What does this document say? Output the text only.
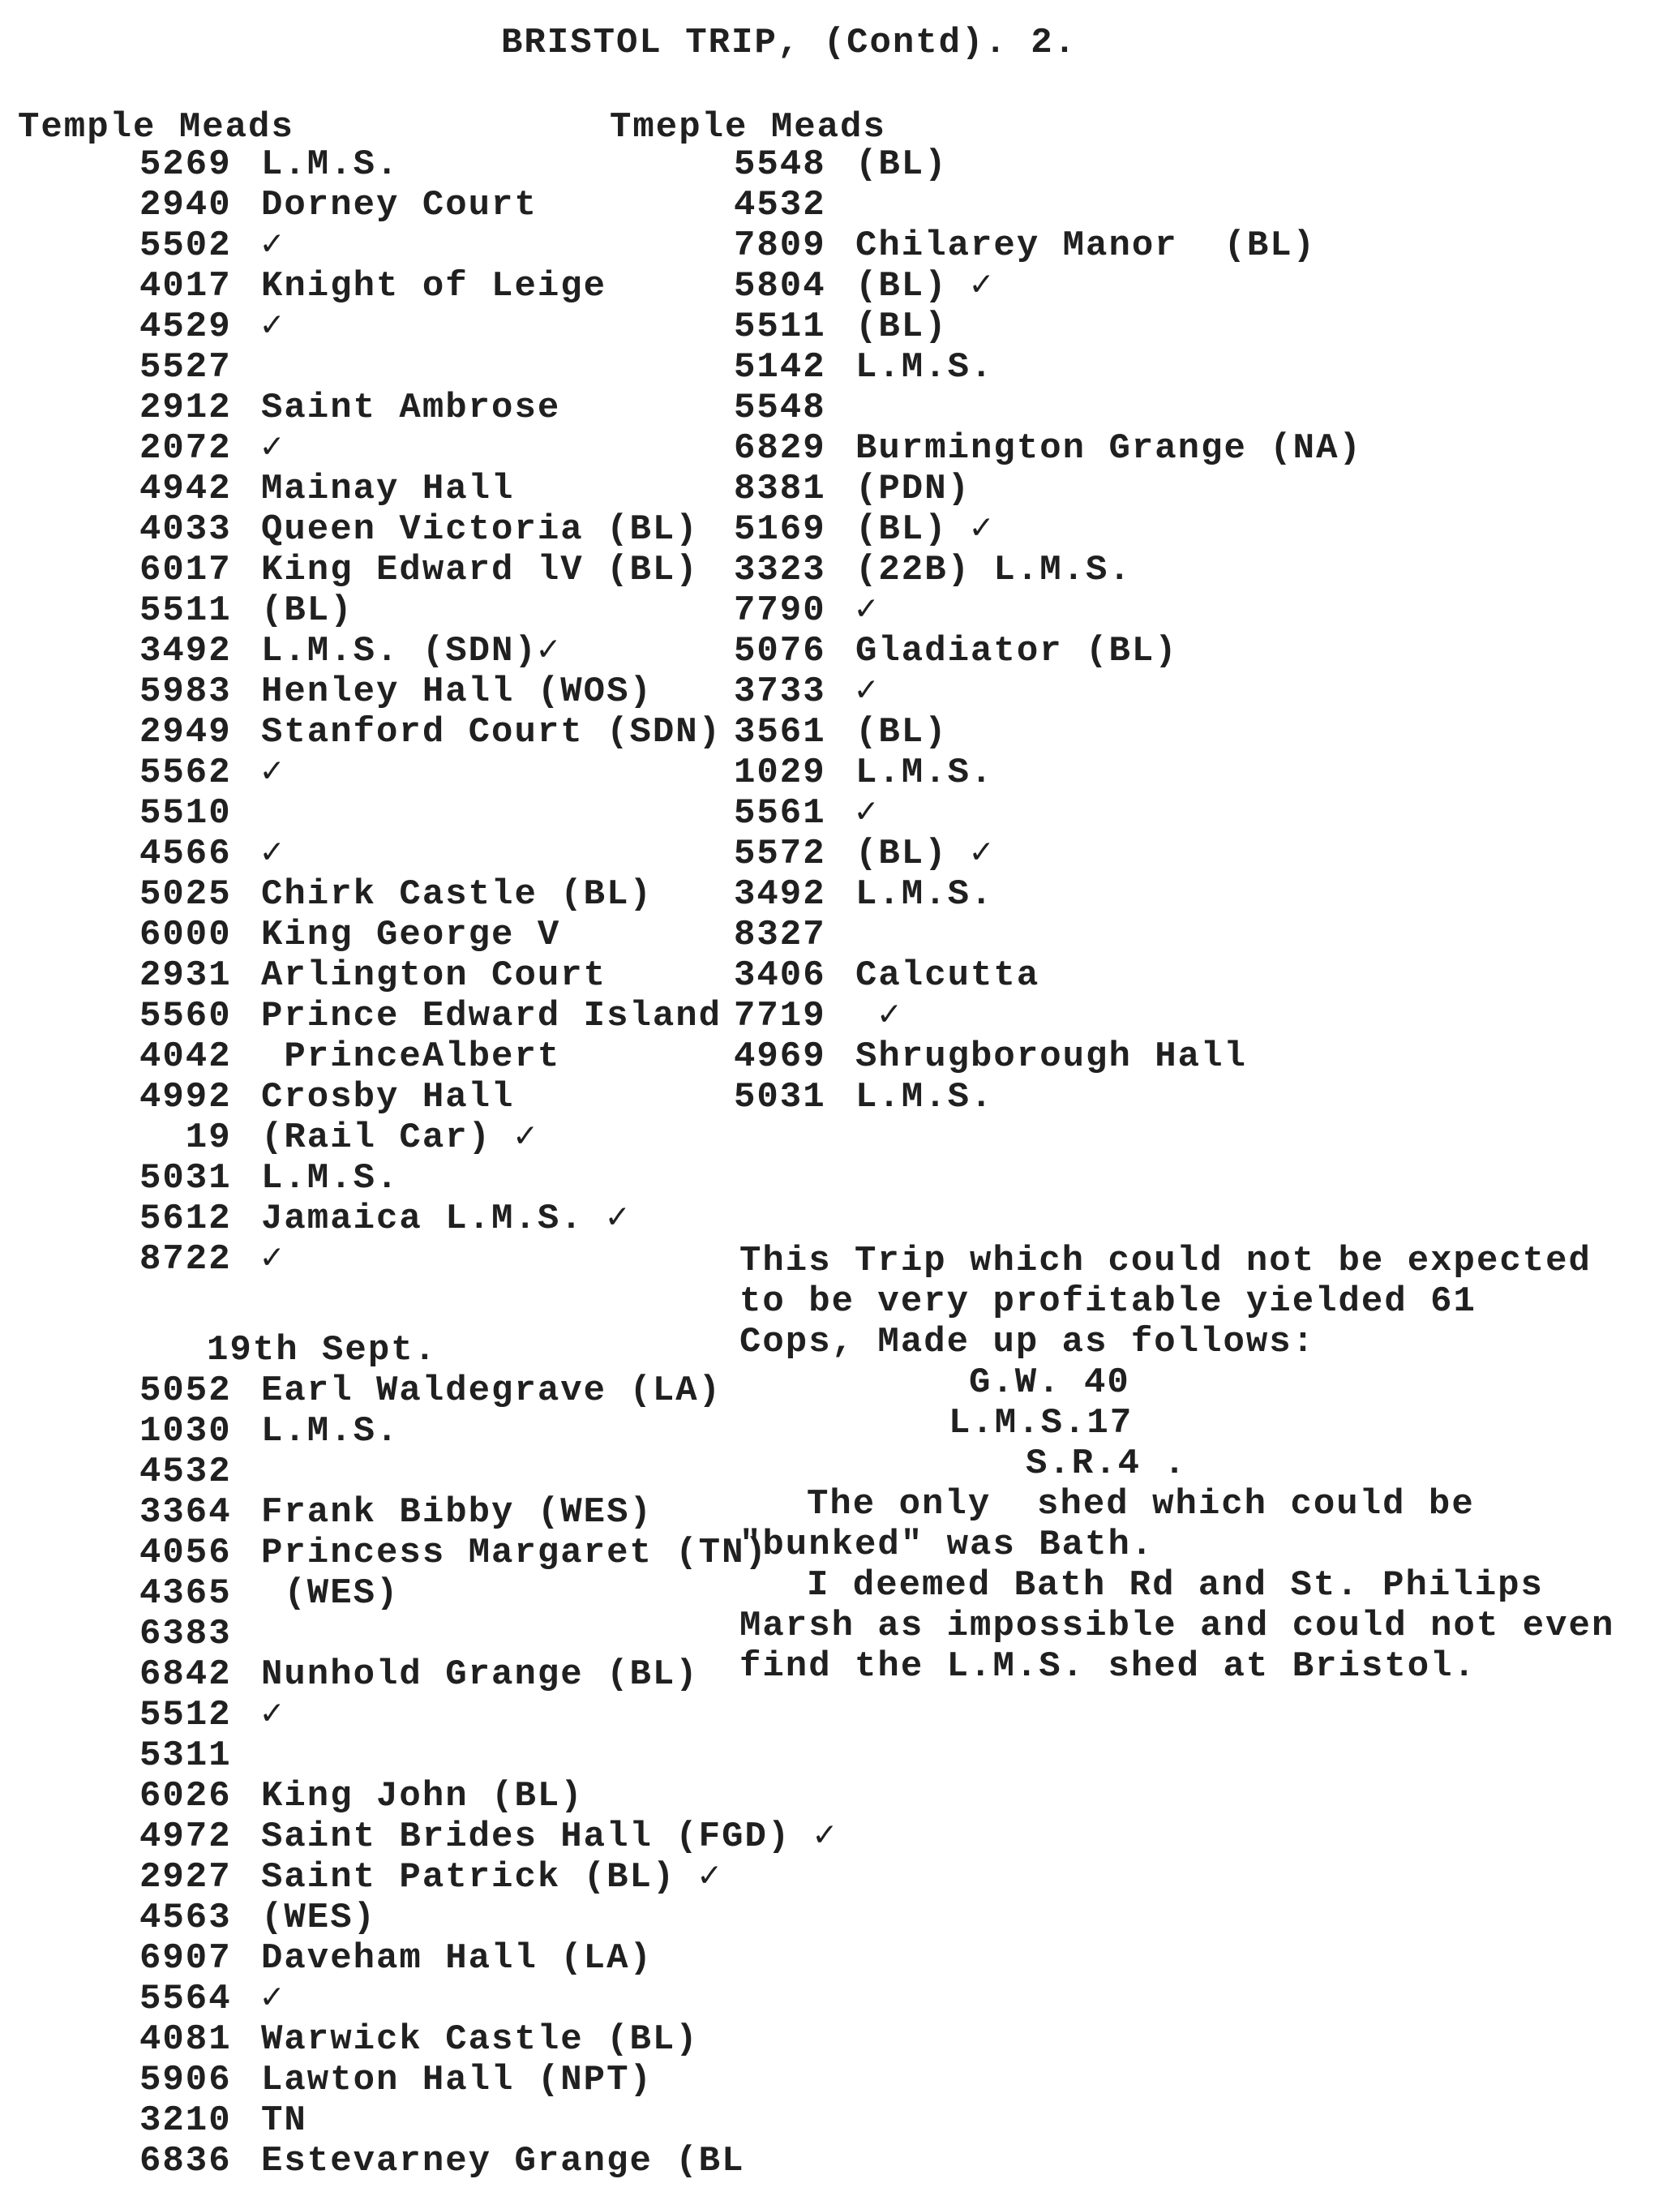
BRISTOL TRIP, (Contd). 2.
Temple Meads	Tmeple Meads
5269 L.M.S.
2940 Dorney Court
5502 ✓
4017 Knight of Leige
4529 ✓
5527
2912 Saint Ambrose
2072 ✓
4942 Mainay Hall
4033 Queen Victoria (BL)
6017 King Edward lV (BL)
5511 (BL)
3492 L.M.S. (SDN)✓
5983 Henley Hall (WOS)
2949 Stanford Court (SDN)
5562 ✓
5510
4566 ✓
5025 Chirk Castle (BL)
6000 King George V
2931 Arlington Court
5560 Prince Edward Island
4042 PrinceAlbert
4992 Crosby Hall
19 (Rail Car) ✓
5031 L.M.S.
5612 Jamaica L.M.S. ✓
8722 ✓
5548 (BL)
4532
7809 Chilarey Manor  (BL)
5804 (BL) ✓
5511 (BL)
5142 L.M.S.
5548
6829 Burmington Grange (NA)
8381 (PDN)
5169 (BL) ✓
3323 (22B) L.M.S.
7790 ✓
5076 Gladiator (BL)
3733 ✓
3561 (BL)
1029 L.M.S.
5561 ✓
5572 (BL) ✓
3492 L.M.S.
8327
3406 Calcutta
7719 ✓
4969 Shrugborough Hall
5031 L.M.S.
19th Sept.
5052 Earl Waldegrave (LA)
1030 L.M.S.
4532
3364 Frank Bibby (WES)
4056 Princess Margaret (TN)
4365 (WES)
6383
6842 Nunhold Grange (BL)
5512 ✓
5311
6026 King John (BL)
4972 Saint Brides Hall (FGD) ✓
2927 Saint Patrick (BL) ✓
4563 (WES)
6907 Daveham Hall (LA)
5564 ✓
4081 Warwick Castle (BL)
5906 Lawton Hall (NPT)
3210 TN
6836 Estevarney Grange (BL
This Trip which could not be expected
to be very profitable yielded 61
Cops, Made up as follows:
G.W. 40
L.M.S.17
S.R.4 .
The only  shed which could be
"bunked" was Bath.
I deemed Bath Rd and St. Philips
Marsh as impossible and could not even
find the L.M.S. shed at Bristol.
